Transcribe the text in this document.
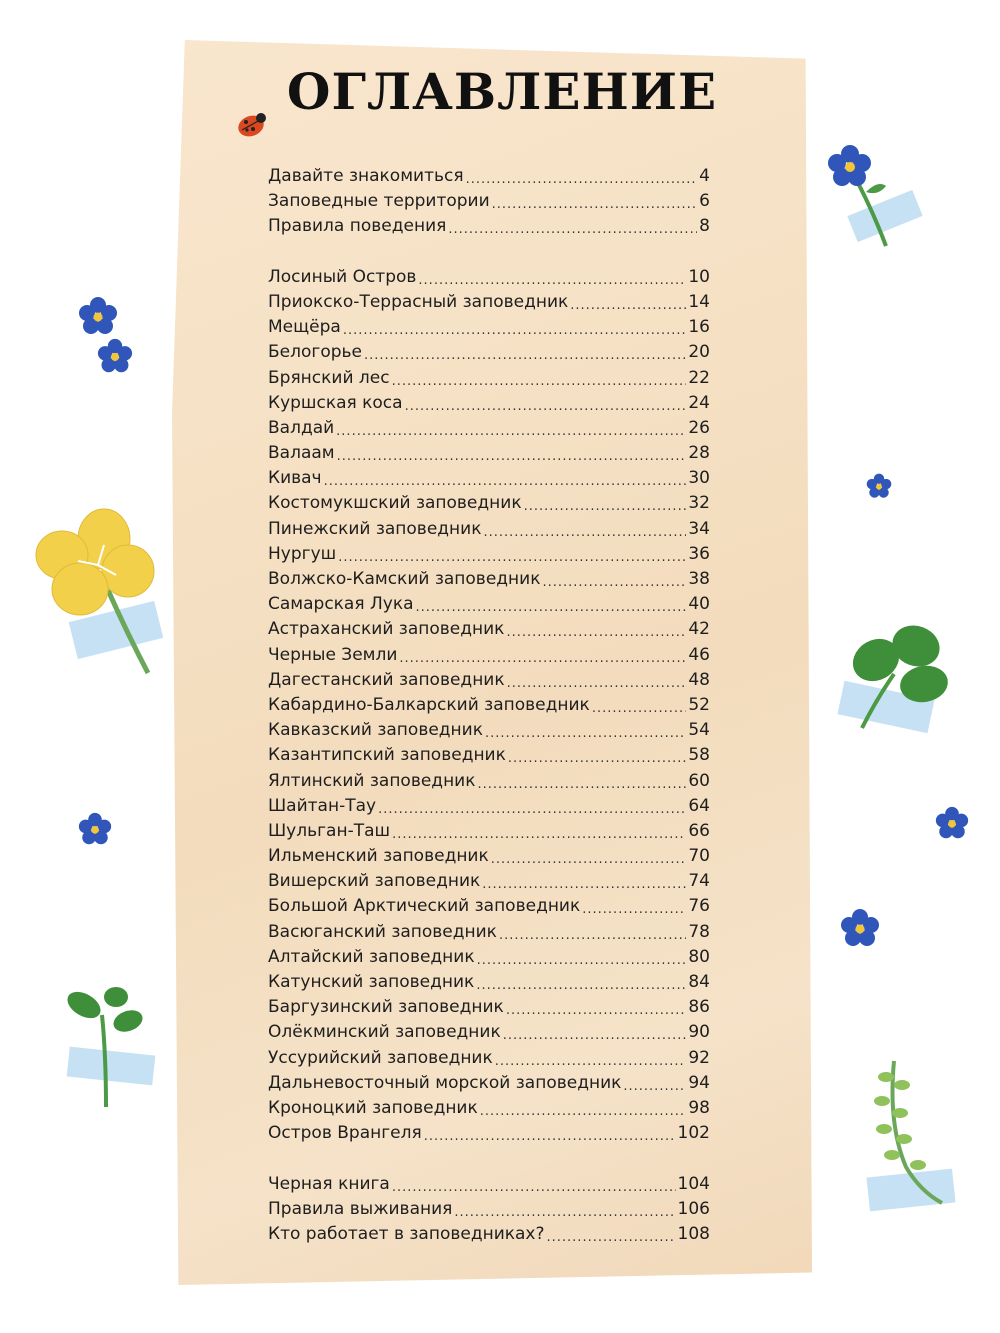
ОГЛАВЛЕНИЕ
Давайте знакомиться .....	4
Заповедные территории .....	6
Правила поведения .....	8
Лосиный Остров .....	10
Приокско-Террасный заповедник .....	14
Мещёра .....	16
Белогорье .....	20
Брянский лес .....	22
Куршская коса .....	24
Валдай .....	26
Валаам .....	28
Кивач .....	30
Костомукшский заповедник .....	32
Пинежский заповедник .....	34
Нургуш .....	36
Волжско-Камский заповедник .....	38
Самарская Лука .....	40
Астраханский заповедник .....	42
Черные Земли .....	46
Дагестанский заповедник .....	48
Кабардино-Балкарский заповедник .....	52
Кавказский заповедник .....	54
Казантипский заповедник .....	58
Ялтинский заповедник .....	60
Шайтан-Тау .....	64
Шульган-Таш .....	66
Ильменский заповедник .....	70
Вишерский заповедник .....	74
Большой Арктический заповедник .....	76
Васюганский заповедник .....	78
Алтайский заповедник .....	80
Катунский заповедник .....	84
Баргузинский заповедник .....	86
Олёкминский заповедник .....	90
Уссурийский заповедник .....	92
Дальневосточный морской заповедник .....	94
Кроноцкий заповедник .....	98
Остров Врангеля .....	102
Черная книга .....	104
Правила выживания .....	106
Кто работает в заповедниках? .....	108
